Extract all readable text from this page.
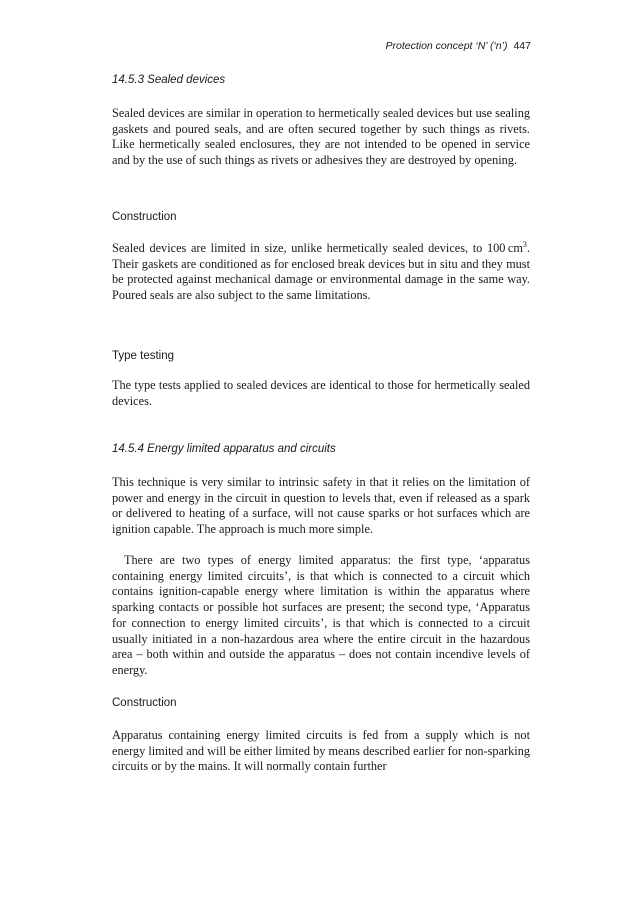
Protection concept ‘N’ (‘n’) 447
14.5.3 Sealed devices

Sealed devices are similar in operation to hermetically sealed devices but use sealing gaskets and poured seals, and are often secured together by such things as rivets. Like hermetically sealed enclosures, they are not intended to be opened in service and by the use of such things as rivets or adhesives they are destroyed by opening.

Construction

Sealed devices are limited in size, unlike hermetically sealed devices, to 100 $cm^3$. Their gaskets are conditioned as for enclosed break devices but in situ and they must be protected against mechanical damage or environmental damage in the same way. Poured seals are also subject to the same limitations.

Type testing

The type tests applied to sealed devices are identical to those for hermetically sealed devices.

14.5.4 Energy limited apparatus and circuits

This technique is very similar to intrinsic safety in that it relies on the limitation of power and energy in the circuit in question to levels that, even if released as a spark or delivered to heating of a surface, will not cause sparks or hot surfaces which are ignition capable. The approach is much more simple.

There are two types of energy limited apparatus: the first type, ‘apparatus containing energy limited circuits’, is that which is connected to a circuit which contains ignition-capable energy where limitation is within the apparatus where sparking contacts or possible hot surfaces are present; the second type, ‘Apparatus for connection to energy limited circuits’, is that which is connected to a circuit usually initiated in a non-hazardous area where the entire circuit in the hazardous area – both within and outside the apparatus – does not contain incendive levels of energy.

Construction

Apparatus containing energy limited circuits is fed from a supply which is not energy limited and will be either limited by means described earlier for non-sparking circuits or by the mains. It will normally contain further
